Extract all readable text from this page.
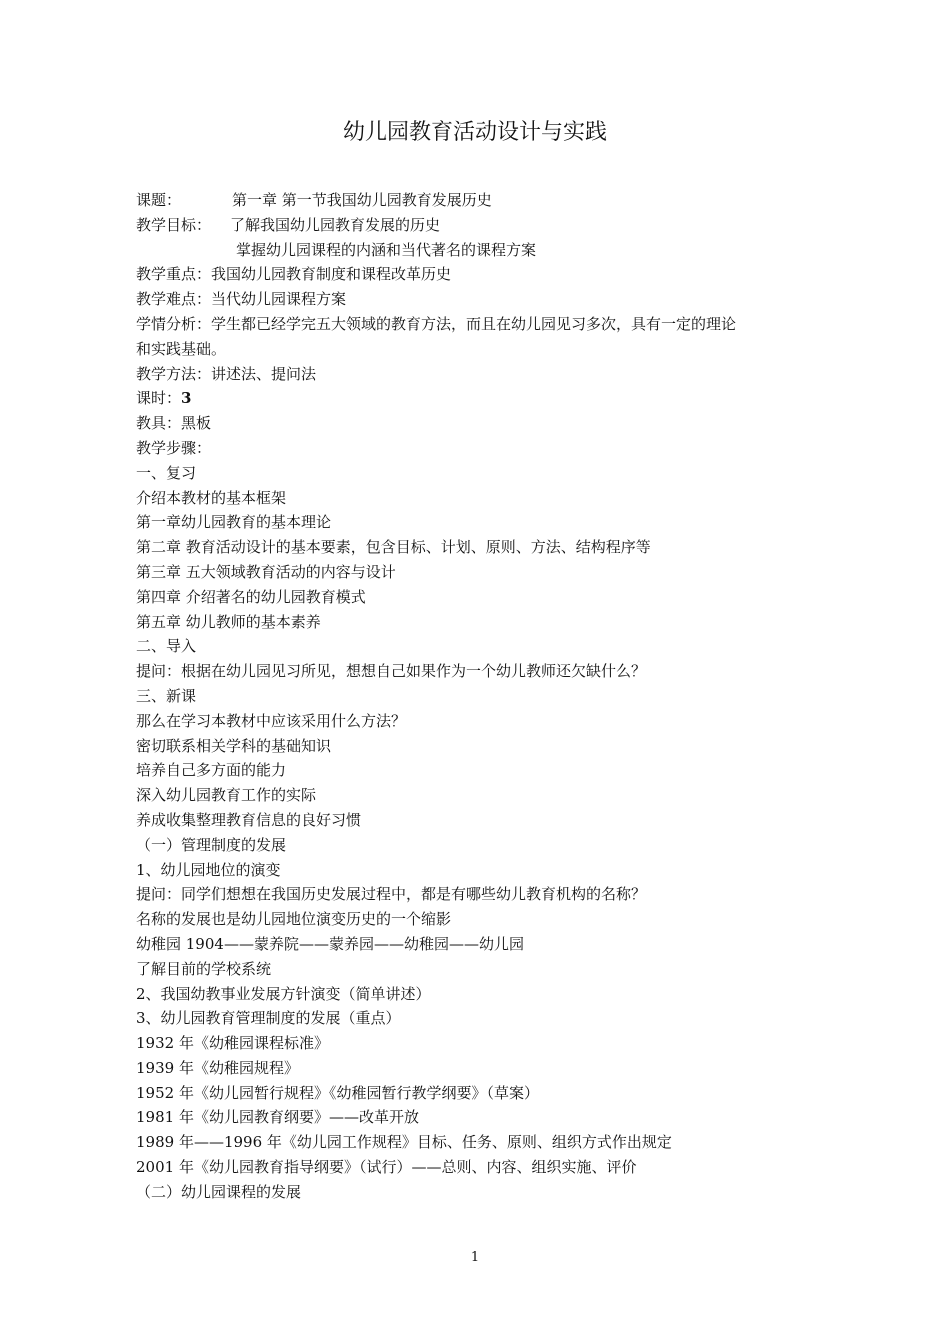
幼儿园教育活动设计与实践
课题：	第一章 第一节我国幼儿园教育发展历史
教学目标： 了解我国幼儿园教育发展的历史
掌握幼儿园课程的内涵和当代著名的课程方案
教学重点：我国幼儿园教育制度和课程改革历史
教学难点：当代幼儿园课程方案
学情分析：学生都已经学完五大领域的教育方法，而且在幼儿园见习多次，具有一定的理论
和实践基础。
教学方法：讲述法、提问法
课时：3
教具：黑板
教学步骤：
一、复习
介绍本教材的基本框架
第一章幼儿园教育的基本理论
第二章 教育活动设计的基本要素，包含目标、计划、原则、方法、结构程序等
第三章 五大领域教育活动的内容与设计
第四章 介绍著名的幼儿园教育模式
第五章 幼儿教师的基本素养
二、导入
提问：根据在幼儿园见习所见，想想自己如果作为一个幼儿教师还欠缺什么？
三、新课
那么在学习本教材中应该采用什么方法？
密切联系相关学科的基础知识
培养自己多方面的能力
深入幼儿园教育工作的实际
养成收集整理教育信息的良好习惯
（一）管理制度的发展
1、幼儿园地位的演变
提问：同学们想想在我国历史发展过程中，都是有哪些幼儿教育机构的名称？
名称的发展也是幼儿园地位演变历史的一个缩影
幼稚园 1904——蒙养院——蒙养园——幼稚园——幼儿园
了解目前的学校系统
2、我国幼教事业发展方针演变（简单讲述）
3、幼儿园教育管理制度的发展（重点）
1932 年《幼稚园课程标准》
1939 年《幼稚园规程》
1952 年《幼儿园暂行规程》《幼稚园暂行教学纲要》（草案）
1981 年《幼儿园教育纲要》——改革开放
1989 年——1996 年《幼儿园工作规程》目标、任务、原则、组织方式作出规定
2001 年《幼儿园教育指导纲要》（试行）——总则、内容、组织实施、评价
（二）幼儿园课程的发展
1
